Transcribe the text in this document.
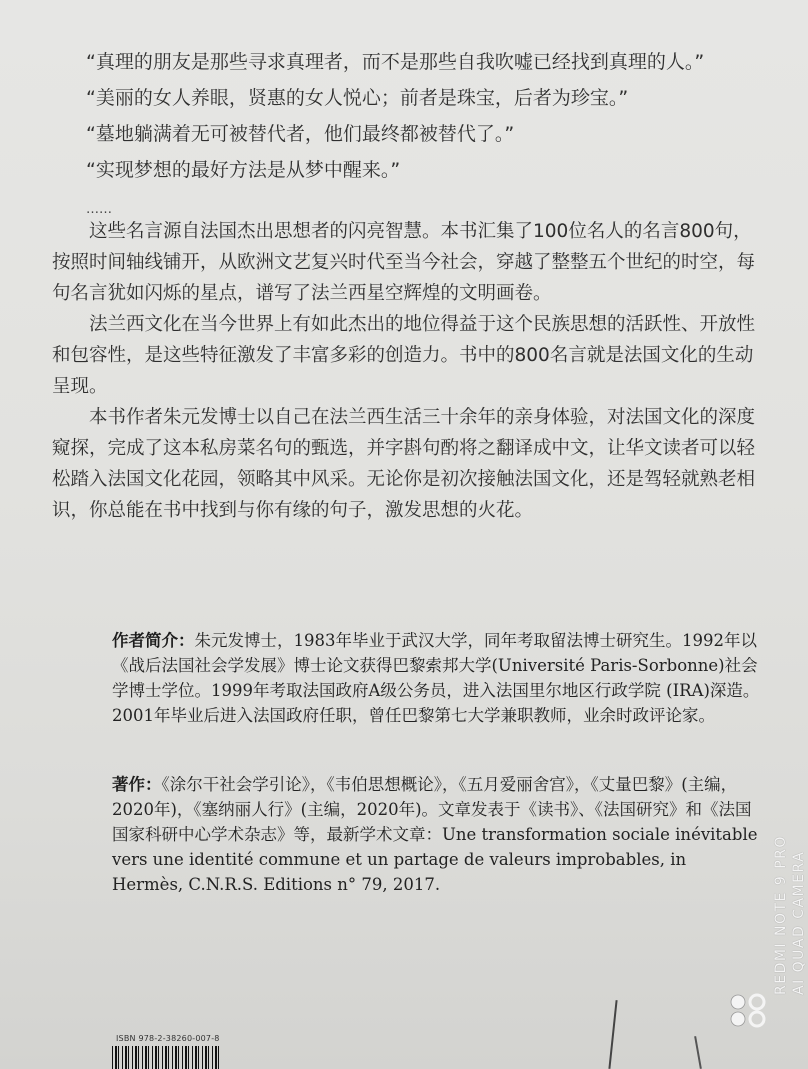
“真理的朋友是那些寻求真理者，而不是那些自我吹嘘已经找到真理的人。”
“美丽的女人养眼，贤惠的女人悦心；前者是珠宝，后者为珍宝。”
“墓地躺满着无可被替代者，他们最终都被替代了。”
“实现梦想的最好方法是从梦中醒来。”
……

这些名言源自法国杰出思想者的闪亮智慧。本书汇集了100位名人的名言800句，按照时间轴线铺开，从欧洲文艺复兴时代至当今社会，穿越了整整五个世纪的时空，每句名言犹如闪烁的星点，谱写了法兰西星空辉煌的文明画卷。

法兰西文化在当今世界上有如此杰出的地位得益于这个民族思想的活跃性、开放性和包容性，是这些特征激发了丰富多彩的创造力。书中的800名言就是法国文化的生动呈现。

本书作者朱元发博士以自己在法兰西生活三十余年的亲身体验，对法国文化的深度窥探，完成了这本私房菜名句的甄选，并字斟句酌将之翻译成中文，让华文读者可以轻松踏入法国文化花园，领略其中风采。无论你是初次接触法国文化，还是驾轻就熟老相识，你总能在书中找到与你有缘的句子，激发思想的火花。

作者简介：朱元发博士，1983年毕业于武汉大学，同年考取留法博士研究生。1992年以《战后法国社会学发展》博士论文获得巴黎索邦大学(Université Paris-Sorbonne)社会学博士学位。1999年考取法国政府A级公务员，进入法国里尔地区行政学院 (IRA)深造。2001年毕业后进入法国政府任职，曾任巴黎第七大学兼职教师，业余时政评论家。
著作：《涂尔干社会学引论》，《韦伯思想概论》，《五月爱丽舍宫》，《丈量巴黎》(主编，2020年)，《塞纳丽人行》(主编，2020年)。文章发表于《读书》、《法国研究》和《法国国家科研中心学术杂志》等，最新学术文章：Une transformation sociale inévitable vers une identité commune et un partage de valeurs improbables, in Hermès, C.N.R.S. Editions n° 79, 2017.
ISBN 978-2-38260-007-8
REDMI NOTE 9 PRO AI QUAD CAMERA
